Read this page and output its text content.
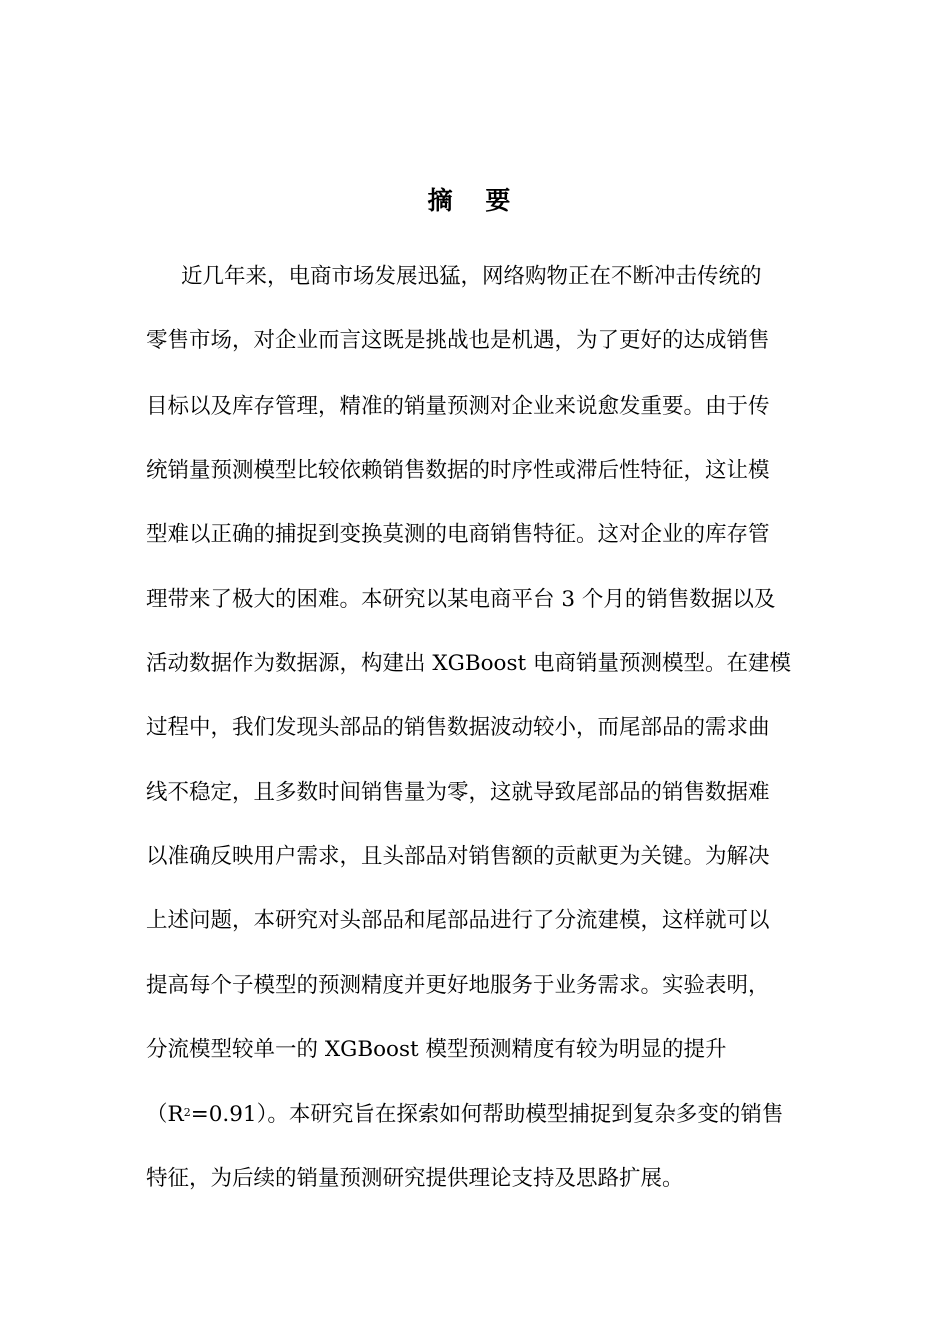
摘 要
近几年来，电商市场发展迅猛，网络购物正在不断冲击传统的
零售市场，对企业而言这既是挑战也是机遇，为了更好的达成销售
目标以及库存管理，精准的销量预测对企业来说愈发重要。由于传
统销量预测模型比较依赖销售数据的时序性或滞后性特征，这让模
型难以正确的捕捉到变换莫测的电商销售特征。这对企业的库存管
理带来了极大的困难。本研究以某电商平台 3 个月的销售数据以及
活动数据作为数据源，构建出 XGBoost 电商销量预测模型。在建模
过程中，我们发现头部品的销售数据波动较小，而尾部品的需求曲
线不稳定，且多数时间销售量为零，这就导致尾部品的销售数据难
以准确反映用户需求，且头部品对销售额的贡献更为关键。为解决
上述问题，本研究对头部品和尾部品进行了分流建模，这样就可以
提高每个子模型的预测精度并更好地服务于业务需求。实验表明，
分流模型较单一的 XGBoost 模型预测精度有较为明显的提升
$(R^2=0.91)$。本研究旨在探索如何帮助模型捕捉到复杂多变的销售
特征，为后续的销量预测研究提供理论支持及思路扩展。
